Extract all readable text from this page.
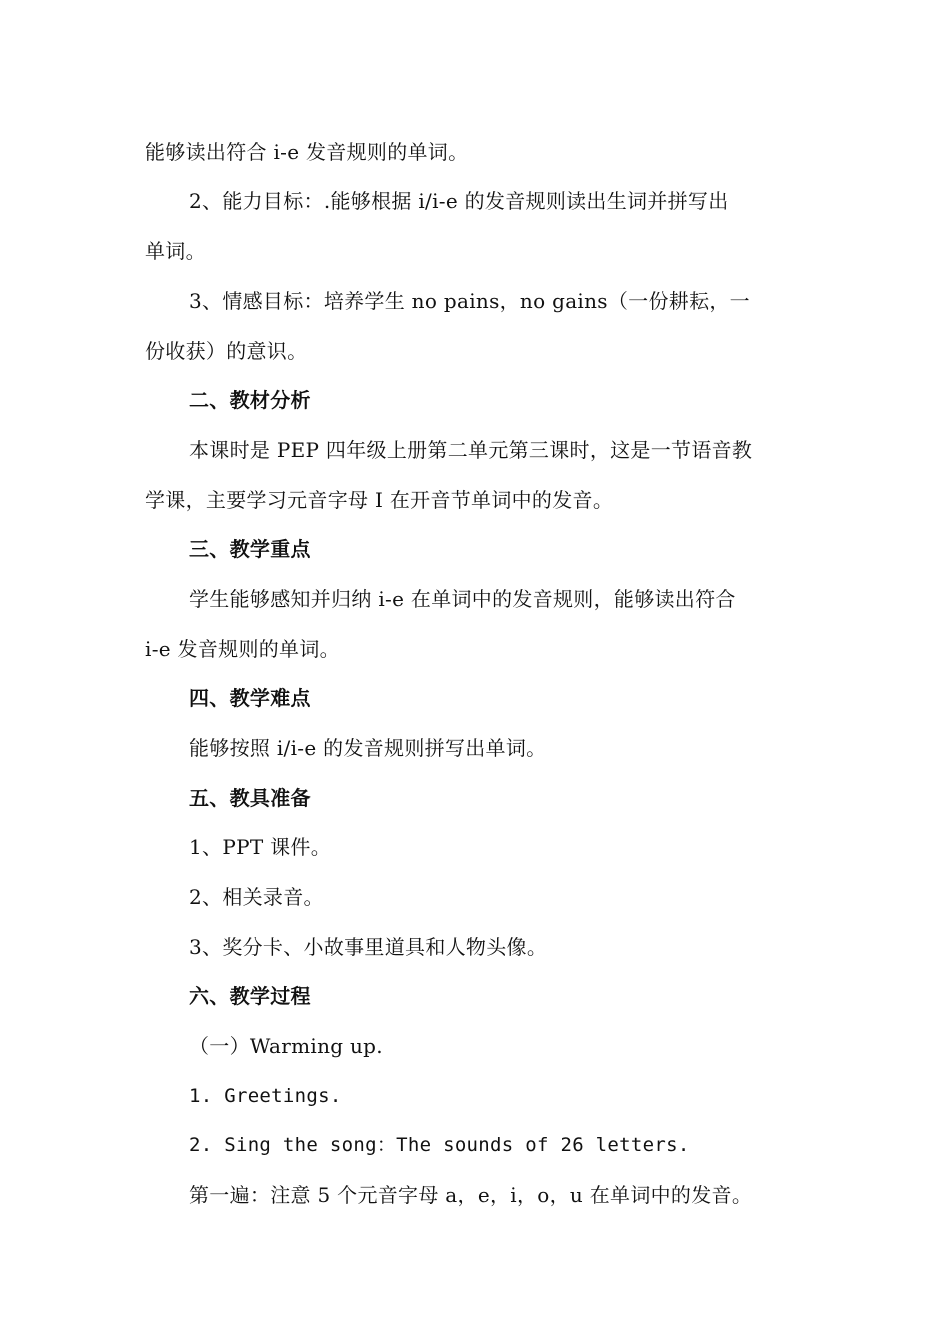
能够读出符合 i-e 发音规则的单词。
2、能力目标：.能够根据 i/i-e 的发音规则读出生词并拼写出
单词。
3、情感目标：培养学生 no pains，no gains（一份耕耘，一
份收获）的意识。
二、教材分析
本课时是 PEP 四年级上册第二单元第三课时，这是一节语音教
学课，主要学习元音字母 I 在开音节单词中的发音。
三、教学重点
学生能够感知并归纳 i-e 在单词中的发音规则，能够读出符合
i-e 发音规则的单词。
四、教学难点
能够按照 i/i-e 的发音规则拼写出单词。
五、教具准备
1、PPT 课件。
2、相关录音。
3、奖分卡、小故事里道具和人物头像。
六、教学过程
（一）Warming up.
1. Greetings.
2. Sing the song：The sounds of 26 letters.
第一遍：注意 5 个元音字母 a，e，i，o，u 在单词中的发音。
